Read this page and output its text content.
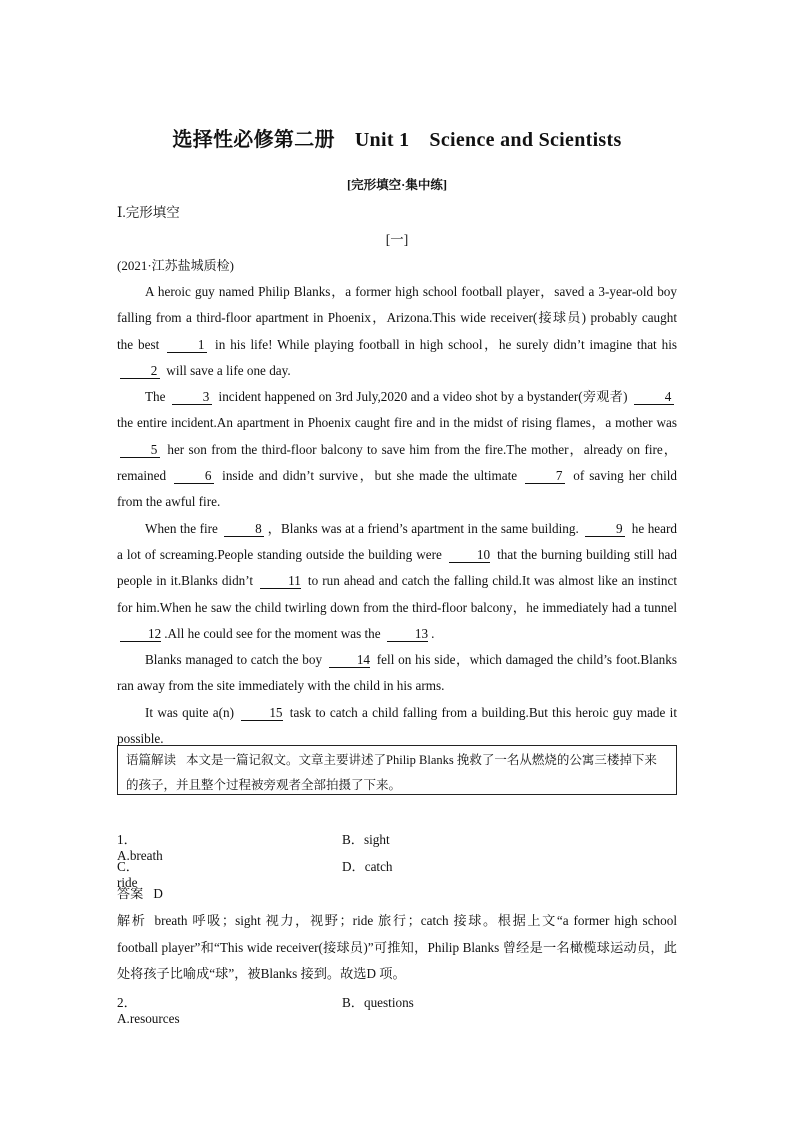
选择性必修第二册 Unit 1 Science and Scientists
[完形填空·集中练]
Ⅰ.完形填空
[一]
(2021·江苏盐城质检)

A heroic guy named Philip Blanks，a former high school football player，saved a 3-year-old boy falling from a third-floor apartment in Phoenix，Arizona.This wide receiver(接球员) probably caught the best	1 in his life! While playing football in high school，he surely didn’t imagine that his 2 will save a life one day.

The	3 incident happened on 3rd July,2020 and a video shot by a bystander(旁观者)	4 the entire incident.An apartment in Phoenix caught fire and in the midst of rising flames，a mother was 5 her son from the third-floor balcony to save him from the fire.The mother，already on fire，remained	6 inside and didn’t survive，but she made the ultimate	7 of saving her child from the awful fire.

When the fire	8 ，Blanks was at a friend’s apartment in the same building.	9 he heard a lot of screaming.People standing outside the building were 10 that the burning building still had people in it.Blanks didn’t 11 to run ahead and catch the falling child.It was almost like an instinct for him.When he saw the child twirling down from the third-floor balcony，he immediately had a tunnel 12 .All he could see for the moment was the 13 .

Blanks managed to catch the boy 14 fell on his side，which damaged the child’s foot.Blanks ran away from the site immediately with the child in his arms.

It was quite a(n) 15 task to catch a child falling from a building.But this heroic guy made it possible.

语篇解读 本文是一篇记叙文。文章主要讲述了Philip Blanks 挽救了一名从燃烧的公寓三楼掉下来的孩子，并且整个过程被旁观者全部拍摄了下来。
1．A.breath
B．sight
C．ride
D．catch
答案 D
解析 breath 呼吸；sight 视力，视野；ride 旅行；catch 接球。根据上文“a former high school football player”和“This wide receiver(接球员)”可推知，Philip Blanks 曾经是一名橄榄球运动员，此处将孩子比喻成“球”，被Blanks 接到。故选D 项。
2．A.resources
B．questions
